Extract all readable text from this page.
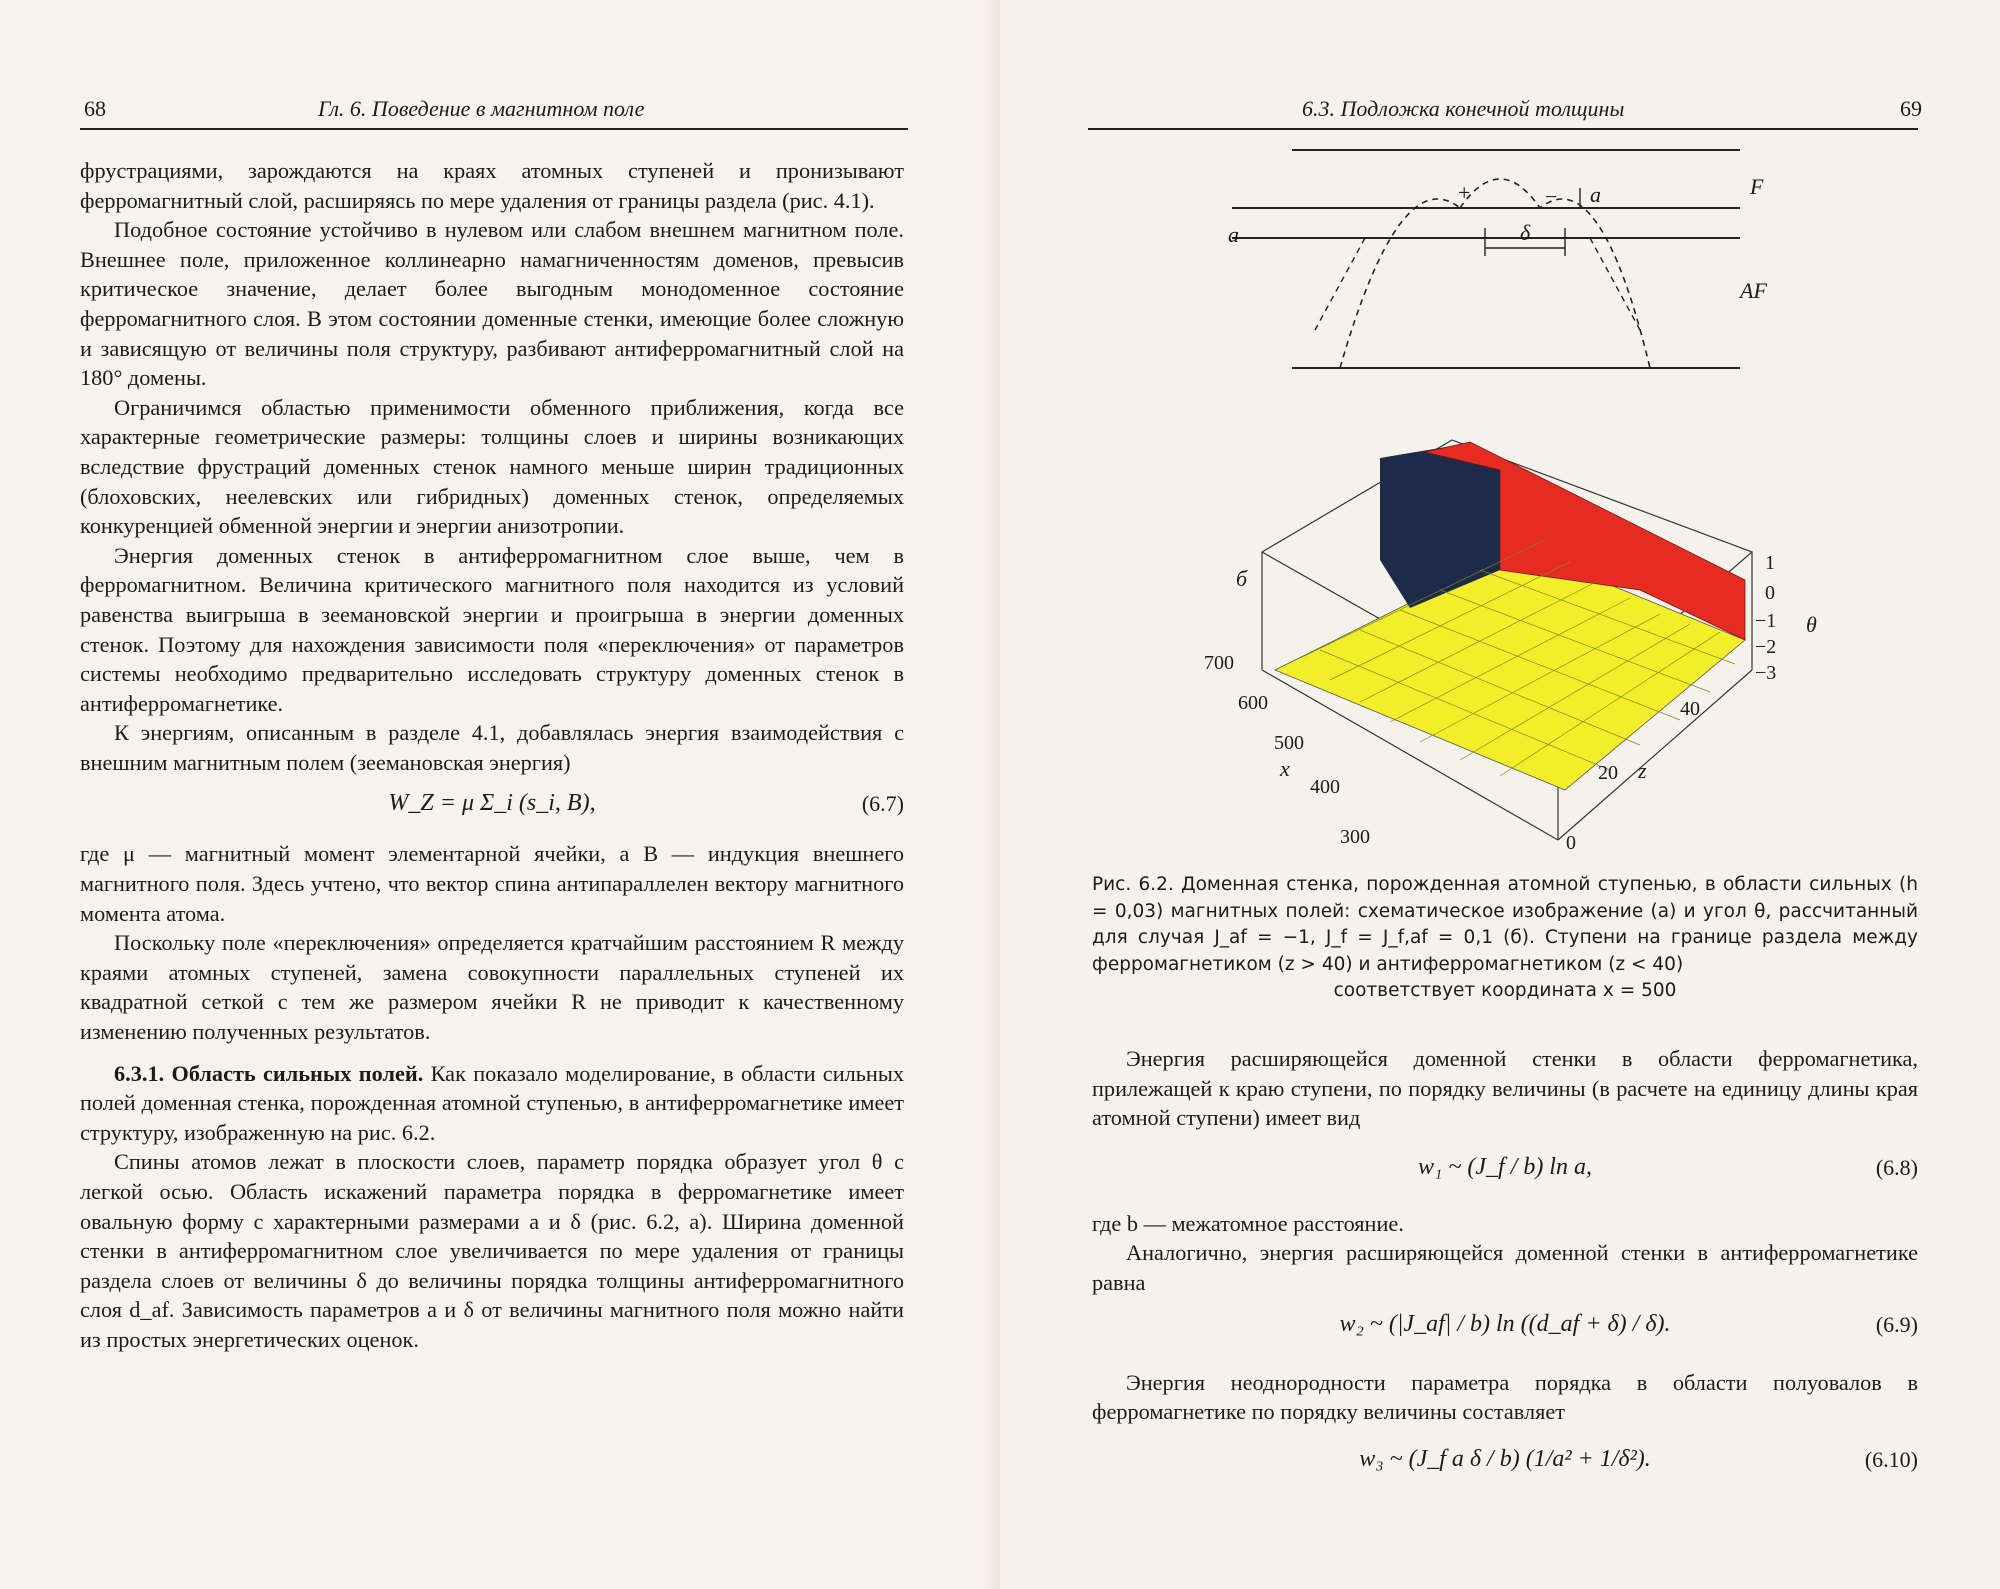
68	Гл. 6. Поведение в магнитном поле

фрустрациями, зарождаются на краях атомных ступеней и пронизывают ферромагнитный слой, расширяясь по мере удаления от границы раздела (рис. 4.1).

Подобное состояние устойчиво в нулевом или слабом внешнем магнитном поле. Внешнее поле, приложенное коллинеарно намагниченностям доменов, превысив критическое значение, делает более выгодным монодоменное состояние ферромагнитного слоя. В этом состоянии доменные стенки, имеющие более сложную и зависящую от величины поля структуру, разбивают антиферромагнитный слой на 180° домены.

Ограничимся областью применимости обменного приближения, когда все характерные геометрические размеры: толщины слоев и ширины возникающих вследствие фрустраций доменных стенок намного меньше ширин традиционных (блоховских, неелевских или гибридных) доменных стенок, определяемых конкуренцией обменной энергии и энергии анизотропии.

Энергия доменных стенок в антиферромагнитном слое выше, чем в ферромагнитном. Величина критического магнитного поля находится из условий равенства выигрыша в зеемановской энергии и проигрыша в энергии доменных стенок. Поэтому для нахождения зависимости поля «переключения» от параметров системы необходимо предварительно исследовать структуру доменных стенок в антиферромагнетике.

К энергиям, описанным в разделе 4.1, добавлялась энергия взаимодействия с внешним магнитным полем (зеемановская энергия)

W_Z = μ Σ_i (s_i, B),	(6.7)

где μ — магнитный момент элементарной ячейки, а B — индукция внешнего магнитного поля. Здесь учтено, что вектор спина антипараллелен вектору магнитного момента атома.

Поскольку поле «переключения» определяется кратчайшим расстоянием R между краями атомных ступеней, замена совокупности параллельных ступеней их квадратной сеткой с тем же размером ячейки R не приводит к качественному изменению полученных результатов.

6.3.1. Область сильных полей. Как показало моделирование, в области сильных полей доменная стенка, порожденная атомной ступенью, в антиферромагнетике имеет структуру, изображенную на рис. 6.2.

Спины атомов лежат в плоскости слоев, параметр порядка образует угол θ с легкой осью. Область искажений параметра порядка в ферромагнетике имеет овальную форму с характерными размерами a и δ (рис. 6.2, a). Ширина доменной стенки в антиферромагнитном слое увеличивается по мере удаления от границы раздела слоев от величины δ до величины порядка толщины антиферромагнитного слоя d_af. Зависимость параметров a и δ от величины магнитного поля можно найти из простых энергетических оценок.

6.3. Подложка конечной толщины	69
a
F
AF
+	− a
δ
б
1
0
−1
−2
−3
θ
700
600
500
400
300
x
40
20
0
z
Рис. 6.2. Доменная стенка, порожденная атомной ступенью, в области сильных (h = 0,03) магнитных полей: схематическое изображение (a) и угол θ, рассчитанный для случая J_af = −1, J_f = J_f,af = 0,1 (б). Ступени на границе раздела между ферромагнетиком (z > 40) и антиферромагнетиком (z < 40)
соответствует координата x = 500

Энергия расширяющейся доменной стенки в области ферромагнетика, прилежащей к краю ступени, по порядку величины (в расчете на единицу длины края атомной ступени) имеет вид

w₁ ~ (J_f / b) ln a,	(6.8)

где b — межатомное расстояние.

Аналогично, энергия расширяющейся доменной стенки в антиферромагнетике равна

w₂ ~ (|J_af| / b) ln ((d_af + δ) / δ).	(6.9)

Энергия неоднородности параметра порядка в области полуовалов в ферромагнетике по порядку величины составляет

w₃ ~ (J_f a δ / b) (1/a² + 1/δ²).	(6.10)
